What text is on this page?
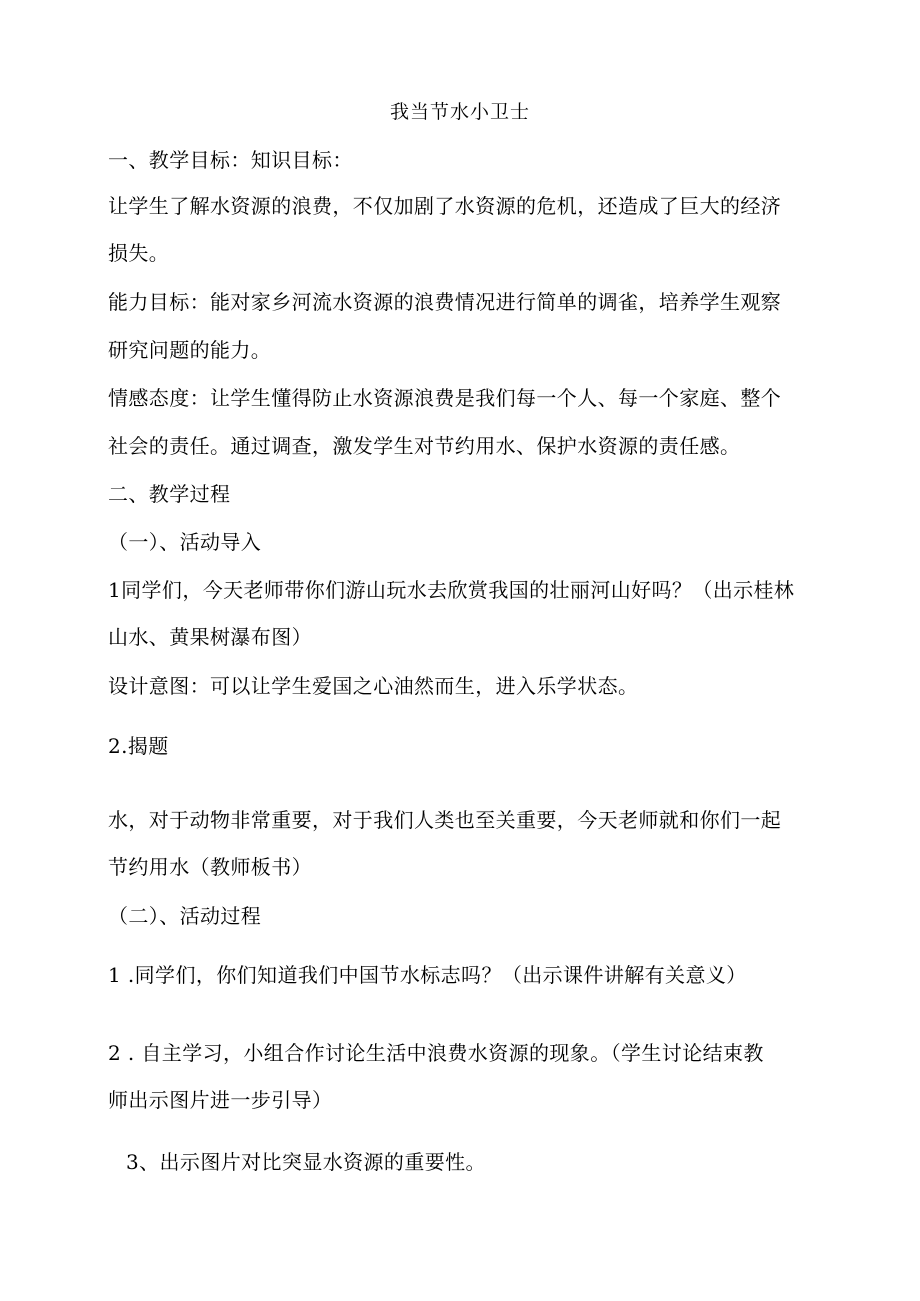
我当节水小卫士
一、教学目标：知识目标：
让学生了解水资源的浪费，不仅加剧了水资源的危机，还造成了巨大的经济
损失。
能力目标：能对家乡河流水资源的浪费情况进行简单的调雀，培养学生观察
研究问题的能力。
情感态度：让学生懂得防止水资源浪费是我们每一个人、每一个家庭、整个
社会的责任。通过调查，激发学生对节约用水、保护水资源的责任感。
二、教学过程
（一）、活动导入
1同学们，今天老师带你们游山玩水去欣赏我国的壮丽河山好吗？（出示桂林
山水、黄果树瀑布图）
设计意图：可以让学生爱国之心油然而生，进入乐学状态。
2.揭题
水，对于动物非常重要，对于我们人类也至关重要，今天老师就和你们一起
节约用水（教师板书）
（二）、活动过程
1 .同学们，你们知道我们中国节水标志吗？（出示课件讲解有关意义）
2 . 自主学习，小组合作讨论生活中浪费水资源的现象。（学生讨论结束教
师出示图片进一步引导）
3、出示图片对比突显水资源的重要性。
